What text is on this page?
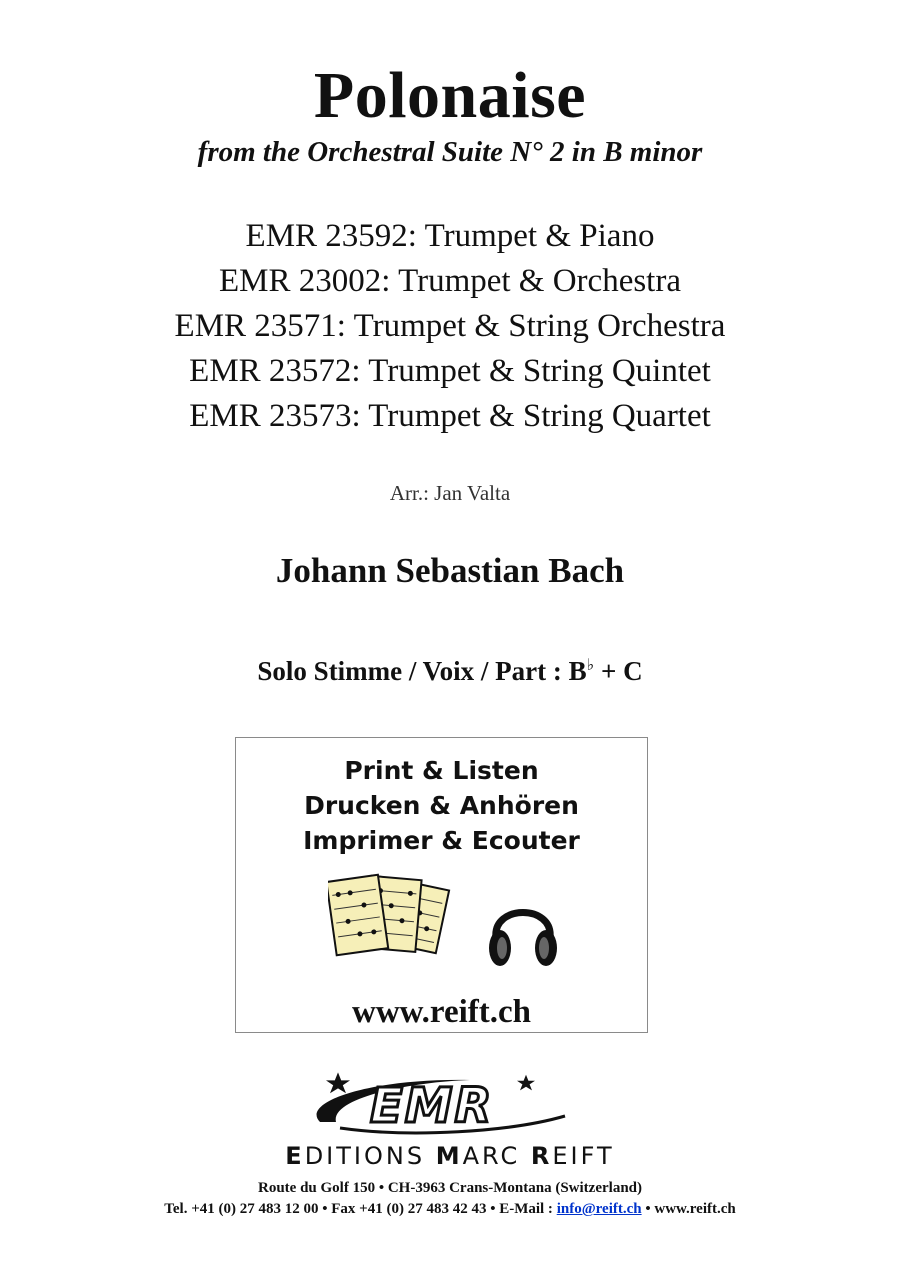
Polonaise
from the Orchestral Suite N° 2 in B minor
EMR 23592: Trumpet & Piano
EMR 23002: Trumpet & Orchestra
EMR 23571: Trumpet & String Orchestra
EMR 23572: Trumpet & String Quintet
EMR 23573: Trumpet & String Quartet
Arr.: Jan Valta
Johann Sebastian Bach
Solo Stimme / Voix / Part : B♭ + C
Print & Listen
Drucken & Anhören
Imprimer & Ecouter
www.reift.ch
EMR
EDITIONS MARC REIFT
Route du Golf 150 • CH-3963 Crans-Montana (Switzerland)
Tel. +41 (0) 27 483 12 00 • Fax +41 (0) 27 483 42 43 • E-Mail : info@reift.ch • www.reift.ch
